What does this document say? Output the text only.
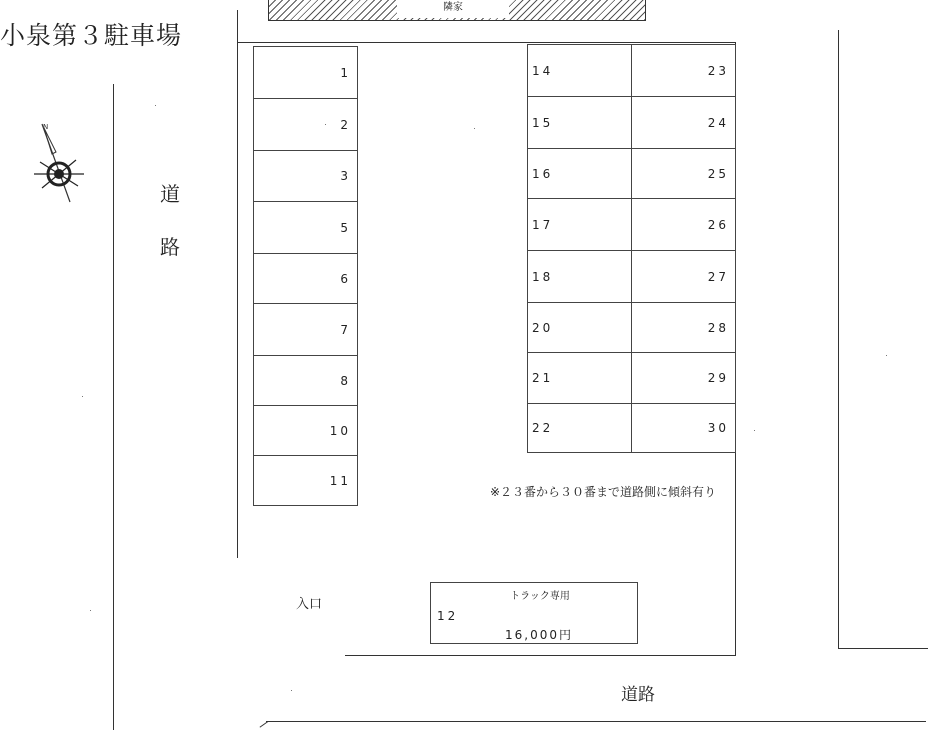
小泉第３駐車場
隣家
N
道
路
1
2
3
5
6
7
8
10
11
14
15
16
17
18
20
21
22
23
24
25
26
27
28
29
30
※２３番から３０番まで道路側に傾斜有り
入口
トラック専用
12
16,000円
道路
